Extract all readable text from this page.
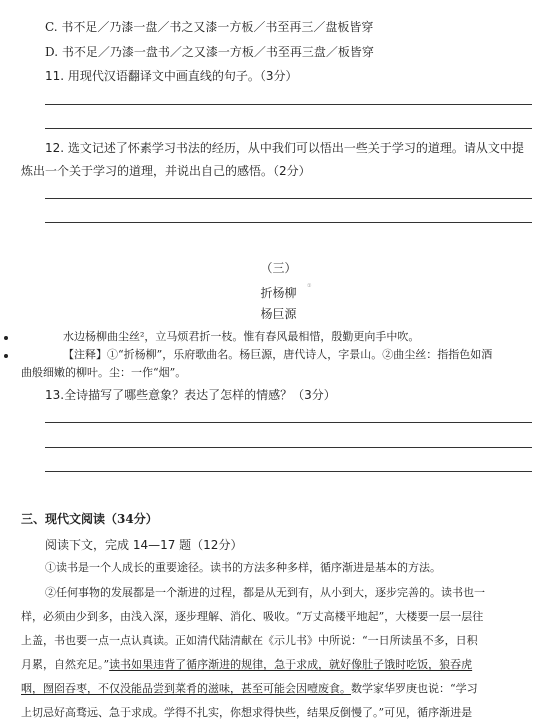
C. 书不足／乃漆一盘／书之又漆一方板／书至再三／盘板皆穿
D. 书不足／乃漆一盘书／之又漆一方板／书至再三盘／板皆穿
11. 用现代汉语翻译文中画直线的句子。（3分）
12. 选文记述了怀素学习书法的经历，从中我们可以悟出一些关于学习的道理。请从文中提
炼出一个关于学习的道理，并说出自己的感悟。（2分）
（三）
折杨柳	①
杨巨源
水边杨柳曲尘丝²，立马烦君折一枝。惟有春风最相惜，殷勤更向手中吹。
【注释】①“折杨柳”，乐府歌曲名。杨巨源，唐代诗人，字景山。②曲尘丝：指指色如酒
曲般细嫩的柳叶。尘：一作“烟”。
13.全诗描写了哪些意象？表达了怎样的情感？（3分）
三、现代文阅读（34分）
阅读下文，完成 14—17 题（12分）
①读书是一个人成长的重要途径。读书的方法多种多样，循序渐进是基本的方法。
②任何事物的发展都是一个渐进的过程，都是从无到有，从小到大，逐步完善的。读书也一
样，必须由少到多，由浅入深，逐步理解、消化、吸收。“万丈高楼平地起”，大楼要一层一层往
上盖，书也要一点一点认真读。正如清代陆清献在《示儿书》中所说：“一日所读虽不多，日积
月累，自然充足。”读书如果违背了循序渐进的规律，急于求成，就好像肚子饿时吃饭，狼吞虎
咽，囫囵吞枣，不仅没能品尝到菜肴的滋味，甚至可能会因噎废食。数学家华罗庚也说：“学习
上切忌好高骛远、急于求成。学得不扎实，你想求得快些，结果反倒慢了。”可见，循序渐进是
